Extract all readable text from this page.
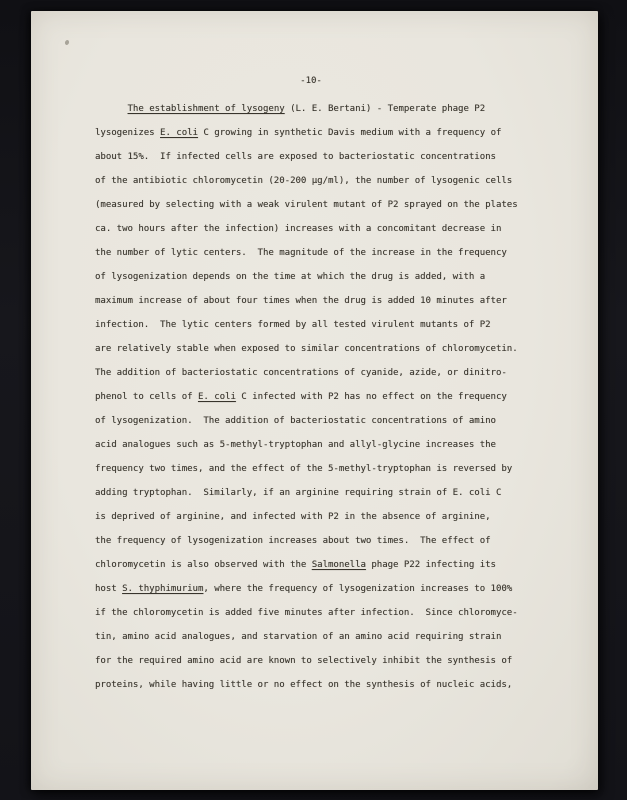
-10-
The establishment of lysogeny (L. E. Bertani) - Temperate phage P2
lysogenizes E. coli C growing in synthetic Davis medium with a frequency of
about 15%.  If infected cells are exposed to bacteriostatic concentrations
of the antibiotic chloromycetin (20-200 μg/ml), the number of lysogenic cells
(measured by selecting with a weak virulent mutant of P2 sprayed on the plates
ca. two hours after the infection) increases with a concomitant decrease in
the number of lytic centers.  The magnitude of the increase in the frequency
of lysogenization depends on the time at which the drug is added, with a
maximum increase of about four times when the drug is added 10 minutes after
infection.  The lytic centers formed by all tested virulent mutants of P2
are relatively stable when exposed to similar concentrations of chloromycetin.
The addition of bacteriostatic concentrations of cyanide, azide, or dinitro-
phenol to cells of E. coli C infected with P2 has no effect on the frequency
of lysogenization.  The addition of bacteriostatic concentrations of amino
acid analogues such as 5-methyl-tryptophan and allyl-glycine increases the
frequency two times, and the effect of the 5-methyl-tryptophan is reversed by
adding tryptophan.  Similarly, if an arginine requiring strain of E. coli C
is deprived of arginine, and infected with P2 in the absence of arginine,
the frequency of lysogenization increases about two times.  The effect of
chloromycetin is also observed with the Salmonella phage P22 infecting its
host S. thyphimurium, where the frequency of lysogenization increases to 100%
if the chloromycetin is added five minutes after infection.  Since chloromyce-
tin, amino acid analogues, and starvation of an amino acid requiring strain
for the required amino acid are known to selectively inhibit the synthesis of
proteins, while having little or no effect on the synthesis of nucleic acids,
